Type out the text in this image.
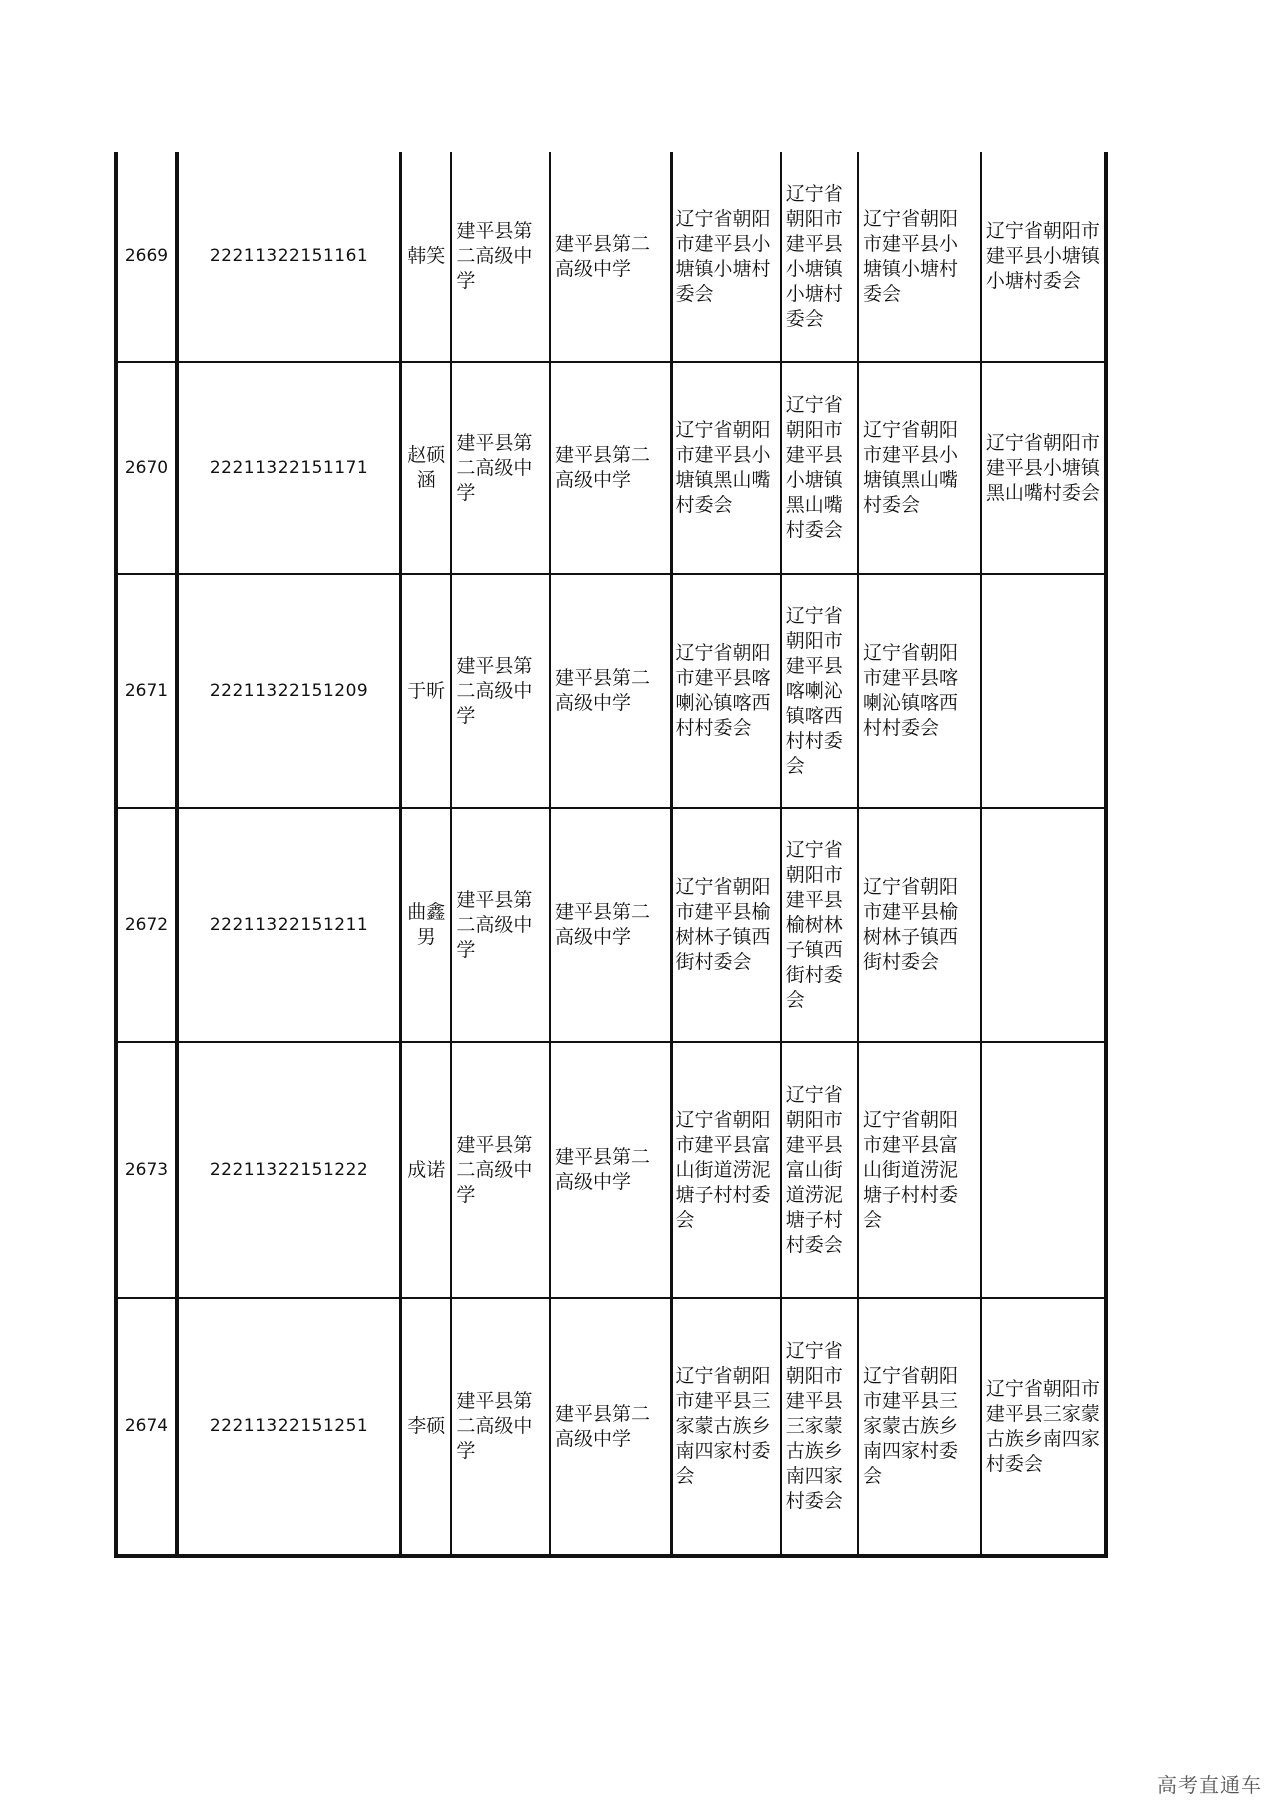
2669	22211322151161	韩笑	建平县第二高级中学	建平县第二高级中学	辽宁省朝阳市建平县小塘镇小塘村委会	辽宁省朝阳市建平县小塘镇小塘村委会	辽宁省朝阳市建平县小塘镇小塘村委会	辽宁省朝阳市建平县小塘镇小塘村委会

2670	22211322151171	赵硕涵	建平县第二高级中学	建平县第二高级中学	辽宁省朝阳市建平县小塘镇黑山嘴村委会	辽宁省朝阳市建平县小塘镇黑山嘴村委会	辽宁省朝阳市建平县小塘镇黑山嘴村委会	辽宁省朝阳市建平县小塘镇黑山嘴村委会

2671	22211322151209	于昕	建平县第二高级中学	建平县第二高级中学	辽宁省朝阳市建平县喀喇沁镇喀西村村委会	辽宁省朝阳市建平县喀喇沁镇喀西村村委会	辽宁省朝阳市建平县喀喇沁镇喀西村村委会	

2672	22211322151211	曲鑫男	建平县第二高级中学	建平县第二高级中学	辽宁省朝阳市建平县榆树林子镇西街村委会	辽宁省朝阳市建平县榆树林子镇西街村委会	辽宁省朝阳市建平县榆树林子镇西街村委会	

2673	22211322151222	成诺	建平县第二高级中学	建平县第二高级中学	辽宁省朝阳市建平县富山街道涝泥塘子村村委会	辽宁省朝阳市建平县富山街道涝泥塘子村村委会	辽宁省朝阳市建平县富山街道涝泥塘子村村委会	

2674	22211322151251	李硕	建平县第二高级中学	建平县第二高级中学	辽宁省朝阳市建平县三家蒙古族乡南四家村委会	辽宁省朝阳市建平县三家蒙古族乡南四家村委会	辽宁省朝阳市建平县三家蒙古族乡南四家村委会	辽宁省朝阳市建平县三家蒙古族乡南四家村委会
高考直通车
